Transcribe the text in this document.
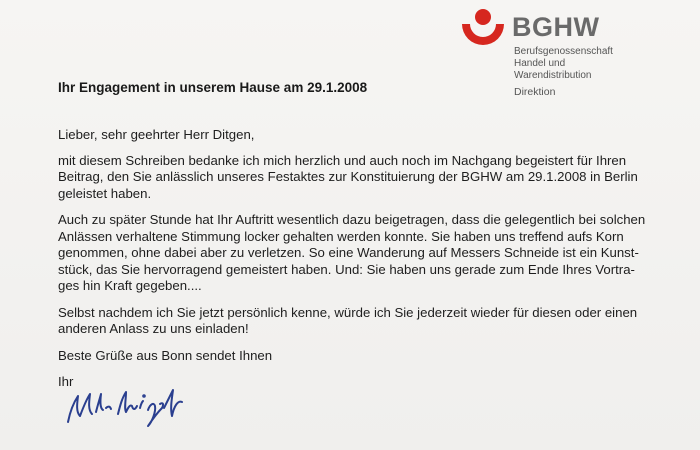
BGHW
Berufsgenossenschaft
Handel und
Warendistribution
Direktion
Ihr Engagement in unserem Hause am 29.1.2008

Lieber, sehr geehrter Herr Ditgen,

mit diesem Schreiben bedanke ich mich herzlich und auch noch im Nachgang begeistert für Ihren
Beitrag, den Sie anlässlich unseres Festaktes zur Konstituierung der BGHW am 29.1.2008 in Berlin
geleistet haben.

Auch zu später Stunde hat Ihr Auftritt wesentlich dazu beigetragen, dass die gelegentlich bei solchen
Anlässen verhaltene Stimmung locker gehalten werden konnte. Sie haben uns treffend aufs Korn
genommen, ohne dabei aber zu verletzen. So eine Wanderung auf Messers Schneide ist ein Kunst-
stück, das Sie hervorragend gemeistert haben. Und: Sie haben uns gerade zum Ende Ihres Vortra-
ges hin Kraft gegeben....

Selbst nachdem ich Sie jetzt persönlich kenne, würde ich Sie jederzeit wieder für diesen oder einen
anderen Anlass zu uns einladen!

Beste Grüße aus Bonn sendet Ihnen

Ihr
